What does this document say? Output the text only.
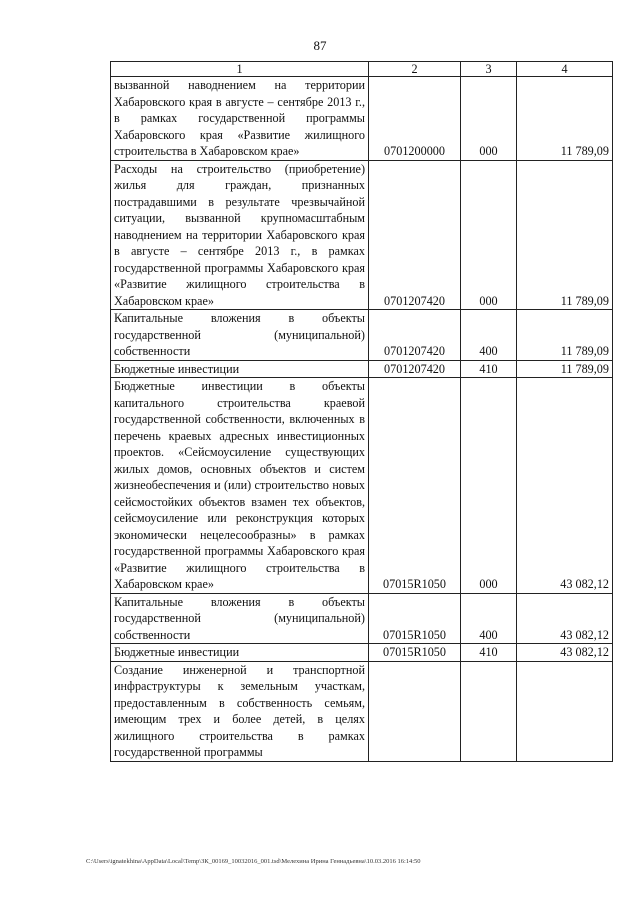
87
1	2	3	4
вызванной наводнением на территории Хабаровского края в августе – сентябре 2013 г., в рамках государственной программы Хабаровского края «Развитие жилищного строительства в Хабаровском крае»	0701200000	000	11 789,09
Расходы на строительство (приобретение) жилья для граждан, признанных пострадавшими в результате чрезвычайной ситуации, вызванной крупномасштабным наводнением на территории Хабаровского края в августе – сентябре 2013 г., в рамках государственной программы Хабаровского края «Развитие жилищного строительства в Хабаровском крае»	0701207420	000	11 789,09
Капитальные вложения в объекты государственной (муниципальной) собственности	0701207420	400	11 789,09
Бюджетные инвестиции	0701207420	410	11 789,09
Бюджетные инвестиции в объекты капитального строительства краевой государственной собственности, включенных в перечень краевых адресных инвестиционных проектов. «Сейсмоусиление существующих жилых домов, основных объектов и систем жизнеобеспечения и (или) строительство новых сейсмостойких объектов взамен тех объектов, сейсмоусиление или реконструкция которых экономически нецелесообразны» в рамках государственной программы Хабаровского края «Развитие жилищного строительства в Хабаровском крае»	07015R1050	000	43 082,12
Капитальные вложения в объекты государственной (муниципальной) собственности	07015R1050	400	43 082,12
Бюджетные инвестиции	07015R1050	410	43 082,12
Создание инженерной и транспортной инфраструктуры к земельным участкам, предоставленным в собственность семьям, имеющим трех и более детей, в целях жилищного строительства в рамках государственной программы			
C:\Users\ignatekhina\AppData\Local\Temp\ЗК_00169_10032016_001.tsd\Мелехина Ирина Геннадьевна\10.03.2016 16:14:50
